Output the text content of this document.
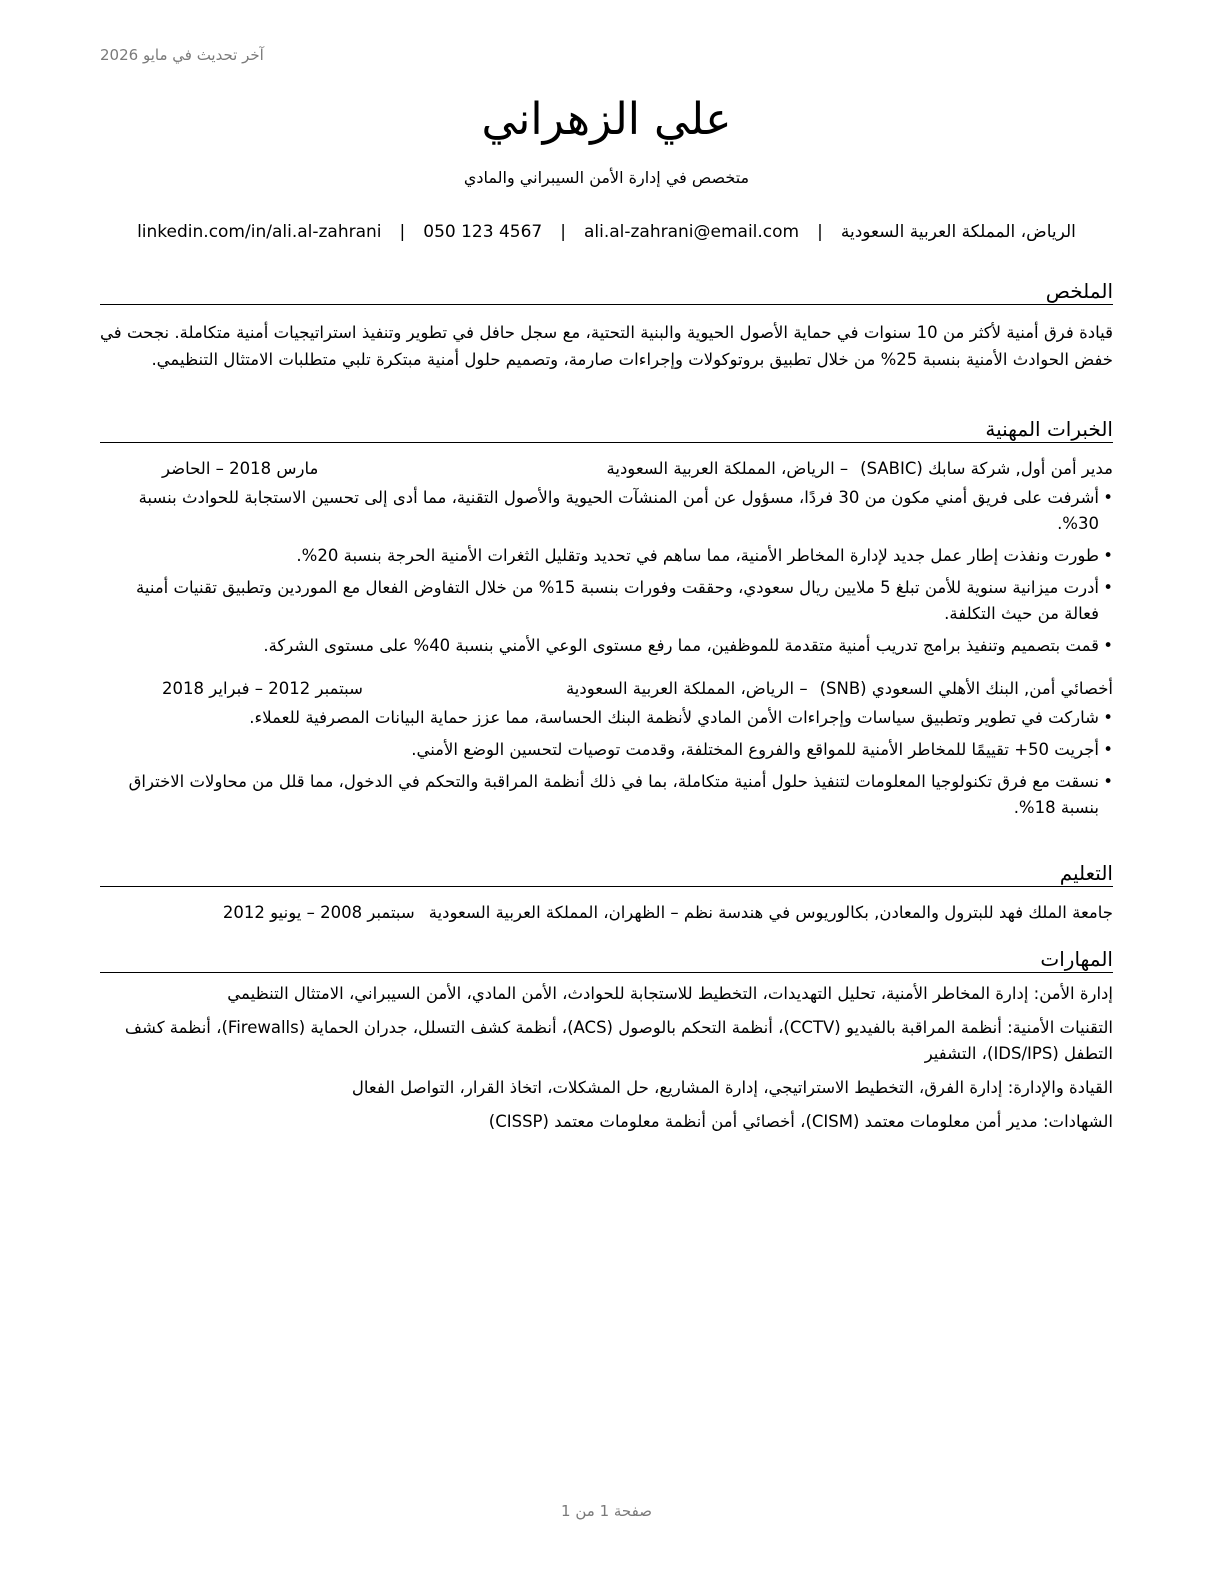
آخر تحديث في مايو 2026
علي الزهراني
متخصص في إدارة الأمن السيبراني والمادي
الرياض، المملكة العربية السعودية
|
ali.al-zahrani@email.com
|
050 123 4567
|
linkedin.com/in/ali.al-zahrani
الملخص
قيادة فرق أمنية لأكثر من 10 سنوات في حماية الأصول الحيوية والبنية التحتية، مع سجل حافل في تطوير وتنفيذ استراتيجيات أمنية متكاملة. نجحت في خفض الحوادث الأمنية بنسبة 25% من خلال تطبيق بروتوكولات وإجراءات صارمة، وتصميم حلول أمنية مبتكرة تلبي متطلبات الامتثال التنظيمي.
الخبرات المهنية
مدير أمن أول, شركة سابك (SABIC)
– الرياض، المملكة العربية السعودية
مارس 2018 – الحاضر
• أشرفت على فريق أمني مكون من 30 فردًا، مسؤول عن أمن المنشآت الحيوية والأصول التقنية، مما أدى إلى تحسين الاستجابة للحوادث بنسبة 30%.
• طورت ونفذت إطار عمل جديد لإدارة المخاطر الأمنية، مما ساهم في تحديد وتقليل الثغرات الأمنية الحرجة بنسبة 20%.
• أدرت ميزانية سنوية للأمن تبلغ 5 ملايين ريال سعودي، وحققت وفورات بنسبة 15% من خلال التفاوض الفعال مع الموردين وتطبيق تقنيات أمنية فعالة من حيث التكلفة.
• قمت بتصميم وتنفيذ برامج تدريب أمنية متقدمة للموظفين، مما رفع مستوى الوعي الأمني بنسبة 40% على مستوى الشركة.
أخصائي أمن, البنك الأهلي السعودي (SNB)
– الرياض، المملكة العربية السعودية
سبتمبر 2012 – فبراير 2018
• شاركت في تطوير وتطبيق سياسات وإجراءات الأمن المادي لأنظمة البنك الحساسة، مما عزز حماية البيانات المصرفية للعملاء.
• أجريت 50+ تقييمًا للمخاطر الأمنية للمواقع والفروع المختلفة، وقدمت توصيات لتحسين الوضع الأمني.
• نسقت مع فرق تكنولوجيا المعلومات لتنفيذ حلول أمنية متكاملة، بما في ذلك أنظمة المراقبة والتحكم في الدخول، مما قلل من محاولات الاختراق بنسبة 18%.
التعليم
جامعة الملك فهد للبترول والمعادن, بكالوريوس في هندسة نظم – الظهران، المملكة العربية السعودية
سبتمبر 2008 – يونيو 2012
المهارات
إدارة الأمن: إدارة المخاطر الأمنية، تحليل التهديدات، التخطيط للاستجابة للحوادث، الأمن المادي، الأمن السيبراني، الامتثال التنظيمي
التقنيات الأمنية: أنظمة المراقبة بالفيديو (CCTV)، أنظمة التحكم بالوصول (ACS)، أنظمة كشف التسلل، جدران الحماية (Firewalls)، أنظمة كشف التطفل (IDS/IPS)، التشفير
القيادة والإدارة: إدارة الفرق، التخطيط الاستراتيجي، إدارة المشاريع، حل المشكلات، اتخاذ القرار، التواصل الفعال
الشهادات: مدير أمن معلومات معتمد (CISM)، أخصائي أمن أنظمة معلومات معتمد (CISSP)
صفحة 1 من 1
